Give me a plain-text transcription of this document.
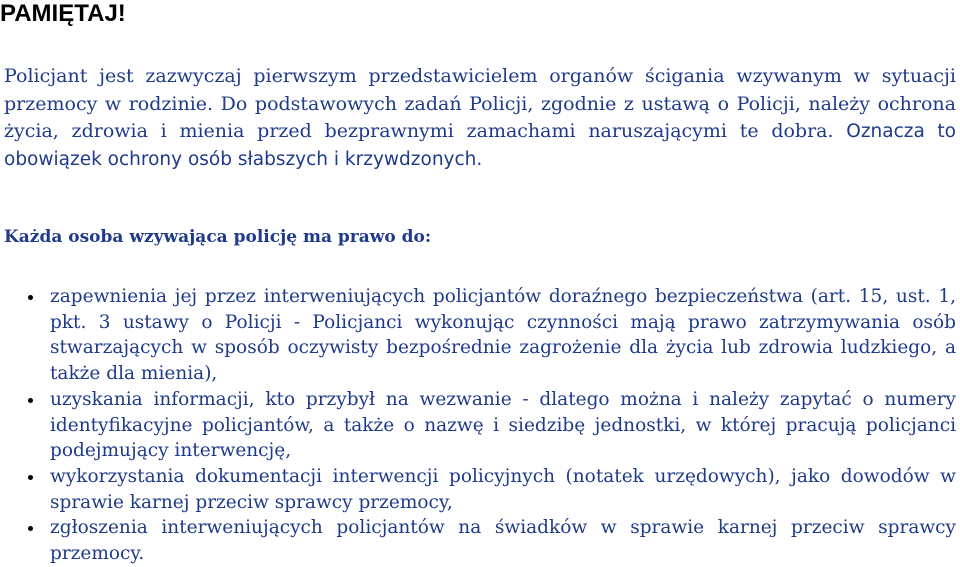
PAMIĘTAJ!

Policjant jest zazwyczaj pierwszym przedstawicielem organów ścigania wzywanym w sytuacji przemocy w rodzinie. Do podstawowych zadań Policji, zgodnie z ustawą o Policji, należy ochrona życia, zdrowia i mienia przed bezprawnymi zamachami naruszającymi te dobra. Oznacza to obowiązek ochrony osób słabszych i krzywdzonych.

Każda osoba wzywająca policję ma prawo do:
zapewnienia jej przez interweniujących policjantów doraźnego bezpieczeństwa (art. 15, ust. 1, pkt. 3 ustawy o Policji - Policjanci wykonując czynności mają prawo zatrzymywania osób stwarzających w sposób oczywisty bezpośrednie zagrożenie dla życia lub zdrowia ludzkiego, a także dla mienia),
uzyskania informacji, kto przybył na wezwanie - dlatego można i należy zapytać o numery identyfikacyjne policjantów, a także o nazwę i siedzibę jednostki, w której pracują policjanci podejmujący interwencję,
wykorzystania dokumentacji interwencji policyjnych (notatek urzędowych), jako dowodów w sprawie karnej przeciw sprawcy przemocy,
zgłoszenia interweniujących policjantów na świadków w sprawie karnej przeciw sprawcy przemocy.
